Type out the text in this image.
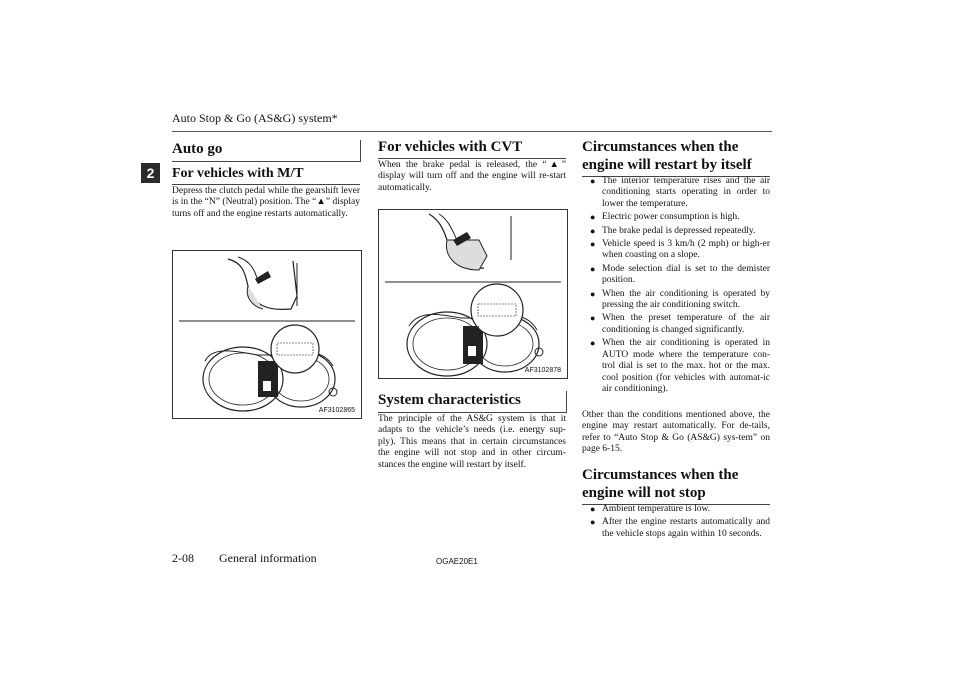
Auto Stop & Go (AS&G) system*
2
Auto go
For vehicles with M/T
Depress the clutch pedal while the gearshift lever is in the “N” (Neutral) position. The “▲” display turns off and the engine restarts automatically.
AF3102865
For vehicles with CVT
When the brake pedal is released, the “▲” display will turn off and the engine will re-start automatically.
AF3102878
System characteristics
The principle of the AS&G system is that it adapts to the vehicle’s needs (i.e. energy sup-ply). This means that in certain circumstances the engine will not stop and in other circum-stances the engine will restart by itself.
Circumstances when the engine will restart by itself
● The interior temperature rises and the air conditioning starts operating in order to lower the temperature.
● Electric power consumption is high.
● The brake pedal is depressed repeatedly.
● Vehicle speed is 3 km/h (2 mph) or high-er when coasting on a slope.
● Mode selection dial is set to the demister position.
● When the air conditioning is operated by pressing the air conditioning switch.
● When the preset temperature of the air conditioning is changed significantly.
● When the air conditioning is operated in AUTO mode where the temperature con-trol dial is set to the max. hot or the max. cool position (for vehicles with automat-ic air conditioning).
Other than the conditions mentioned above, the engine may restart automatically. For de-tails, refer to “Auto Stop & Go (AS&G) sys-tem” on page 6-15.
Circumstances when the engine will not stop
● Ambient temperature is low.
● After the engine restarts automatically and the vehicle stops again within 10 seconds.
2-08 General information	OGAE20E1
